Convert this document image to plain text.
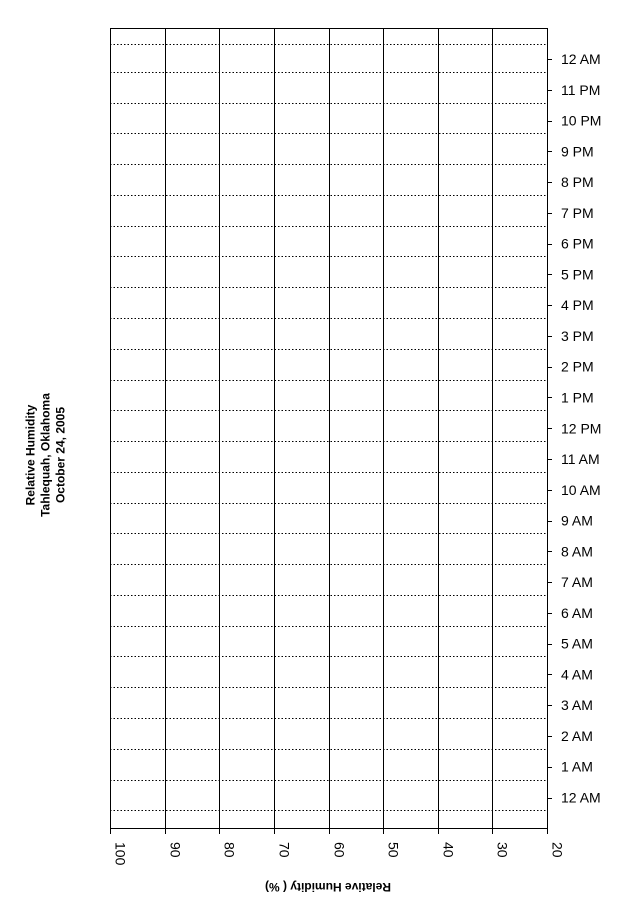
100	90	80	70	60	50	40	30	20
12 AM
1 AM
2 AM
3 AM
4 AM
5 AM
6 AM
7 AM
8 AM
9 AM
10 AM
11 AM
12 PM
1 PM
2 PM
3 PM
4 PM
5 PM
6 PM
7 PM
8 PM
9 PM
10 PM
11 PM
12 AM
Relative Humidity ( %)
Relative Humidity Tahlequah, Oklahoma October 24, 2005
